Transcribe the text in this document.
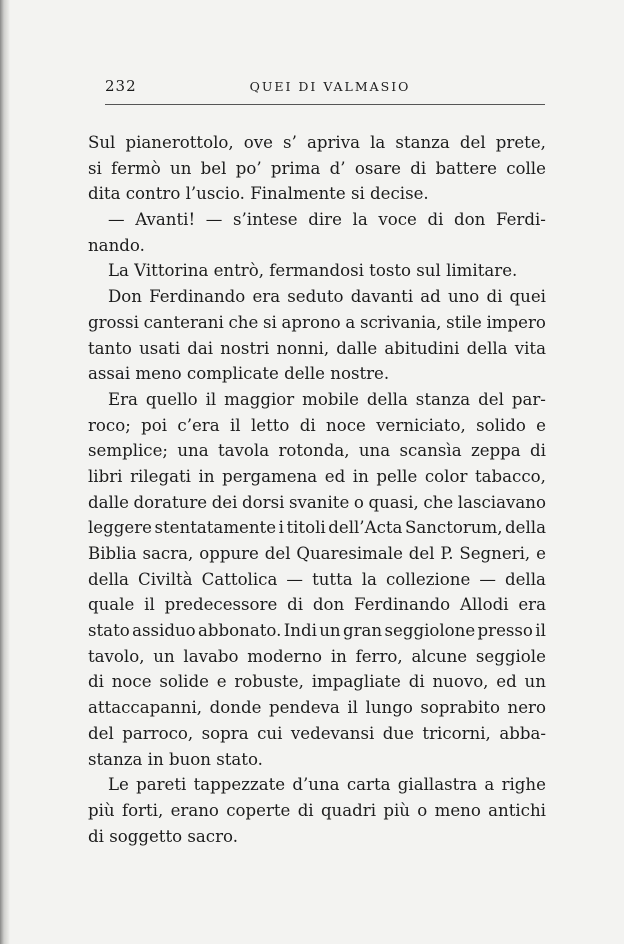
232	QUEI DI VALMASIO
Sul pianerottolo, ove s’ apriva la stanza del prete,
si fermò un bel po’ prima d’ osare di battere colle
dita contro l’uscio. Finalmente si decise.
— Avanti! — s’intese dire la voce di don Ferdi-
nando.
La Vittorina entrò, fermandosi tosto sul limitare.
Don Ferdinando era seduto davanti ad uno di quei
grossi canterani che si aprono a scrivania, stile impero
tanto usati dai nostri nonni, dalle abitudini della vita
assai meno complicate delle nostre.
Era quello il maggior mobile della stanza del par-
roco; poi c’era il letto di noce verniciato, solido e
semplice; una tavola rotonda, una scansìa zeppa di
libri rilegati in pergamena ed in pelle color tabacco,
dalle dorature dei dorsi svanite o quasi, che lasciavano
leggere stentatamente i titoli dell’Acta Sanctorum, della
Biblia sacra, oppure del Quaresimale del P. Segneri, e
della Civiltà Cattolica — tutta la collezione — della
quale il predecessore di don Ferdinando Allodi era
stato assiduo abbonato. Indi un gran seggiolone presso il
tavolo, un lavabo moderno in ferro, alcune seggiole
di noce solide e robuste, impagliate di nuovo, ed un
attaccapanni, donde pendeva il lungo soprabito nero
del parroco, sopra cui vedevansi due tricorni, abba-
stanza in buon stato.
Le pareti tappezzate d’una carta giallastra a righe
più forti, erano coperte di quadri più o meno antichi
di soggetto sacro.
